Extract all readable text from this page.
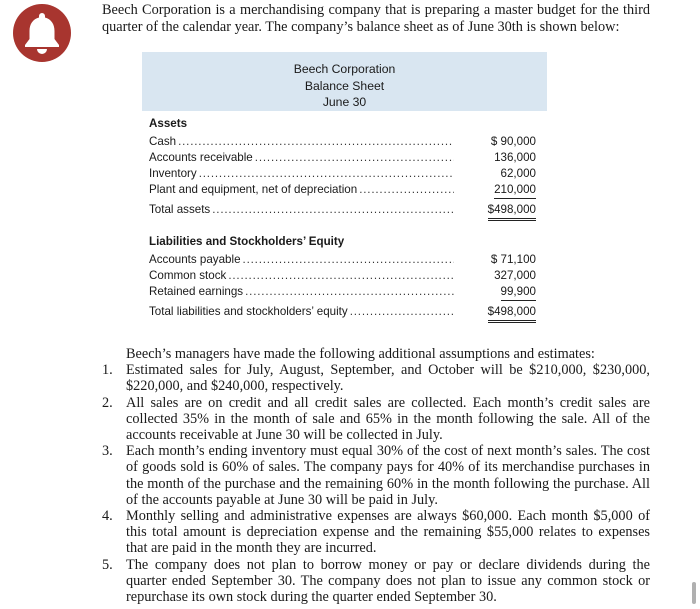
Beech Corporation is a merchandising company that is preparing a master budget for the third quarter of the calendar year. The company’s balance sheet as of June 30th is shown below:
Beech Corporation
Balance Sheet
June 30
Assets
Cash . . .	$ 90,000
Accounts receivable . . .	136,000
Inventory . . .	62,000
Plant and equipment, net of depreciation . . .	210,000
Total assets . . .	$498,000
Liabilities and Stockholders’ Equity
Accounts payable . . .	$ 71,100
Common stock . . .	327,000
Retained earnings . . .	99,900
Total liabilities and stockholders’ equity . . .	$498,000
Beech’s managers have made the following additional assumptions and estimates:
1. Estimated sales for July, August, September, and October will be $210,000, $230,000, $220,000, and $240,000, respectively.
2. All sales are on credit and all credit sales are collected. Each month’s credit sales are collected 35% in the month of sale and 65% in the month following the sale. All of the accounts receivable at June 30 will be collected in July.
3. Each month’s ending inventory must equal 30% of the cost of next month’s sales. The cost of goods sold is 60% of sales. The company pays for 40% of its merchandise purchases in the month of the purchase and the remaining 60% in the month following the purchase. All of the accounts payable at June 30 will be paid in July.
4. Monthly selling and administrative expenses are always $60,000. Each month $5,000 of this total amount is depreciation expense and the remaining $55,000 relates to expenses that are paid in the month they are incurred.
5. The company does not plan to borrow money or pay or declare dividends during the quarter ended September 30. The company does not plan to issue any common stock or repurchase its own stock during the quarter ended September 30.
